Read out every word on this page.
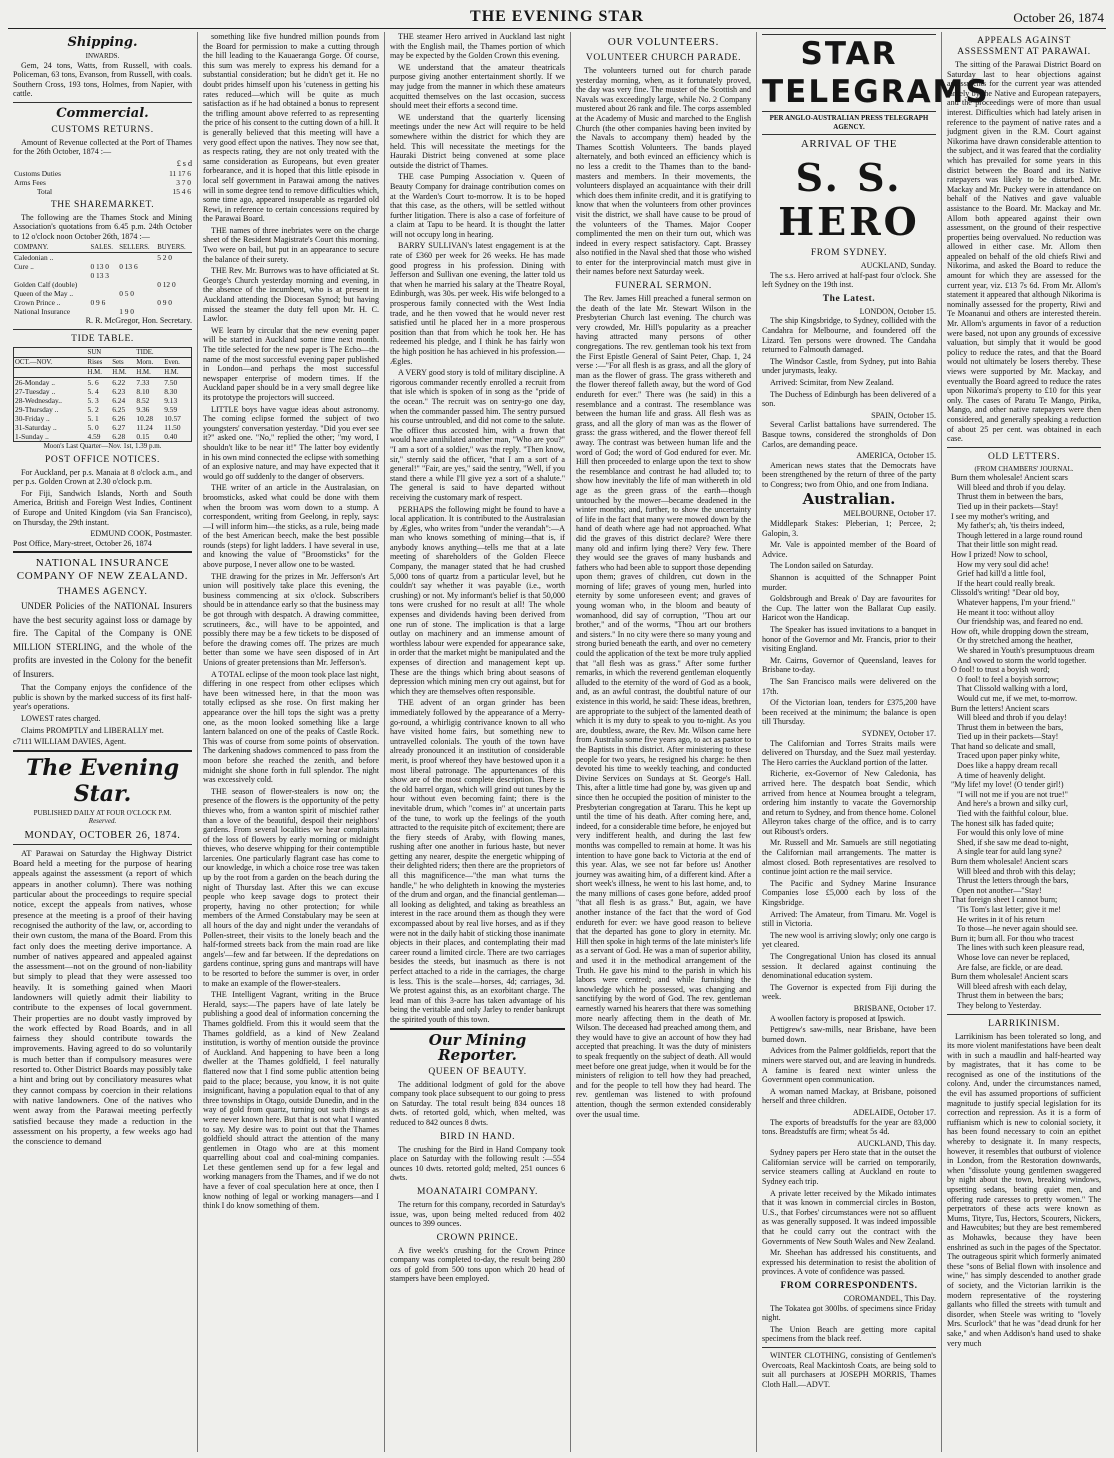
THE EVENING STAR	October 26, 1874
Shipping.
INWARDS.

Gem, 24 tons, Watts, from Russell, with coals. Policeman, 63 tons, Evanson, from Russell, with coals. Southern Cross, 193 tons, Holmes, from Napier, with cattle.

Commercial.
CUSTOMS RETURNS.

Amount of Revenue collected at the Port of Thames for the 26th October, 1874 :—

£ s d
Customs Duties	11 17 6
Arms Fees	3 7 0
Total	15 4 6
THE SHAREMARKET.

The following are the Thames Stock and Mining Association's quotations from 6.45 p.m. 24th October to 12 o'clock noon October 26th, 1874 :—

COMPANY.	SALES.	SELLERS.	BUYERS.
Caledonian ..			5 2 0
Cure ..	0 13 0	0 13 6	
	0 13 3		
Golden Calf (double)			0 12 0
Queen of the May ..		0 5 0	
Crown Prince ..	0 9 6		0 9 0
National Insurance		1 9 0	
R. R. McGregor, Hon. Secretary.
TIDE TABLE.
	SUN		TIDE.	
OCT.—NOV.	Rises	Sets	Morn.	Even.
	H.M.	H.M.	H.M.	H.M.
26-Monday ..	5. 6	6.22	7.33	7.50
27-Tuesday ..	5. 4	6.23	8.10	8.30
28-Wednesday..	5. 3	6.24	8.52	9.13
29-Thursday ..	5. 2	6.25	9.36	9.59
30-Friday ..	5. 1	6.26	10.28	10.57
31-Saturday ..	5. 0	6.27	11.24	11.50
1-Sunday ..	4.59	6.28	0.15	0.40
Moon's Last Quarter—Nov. 1st, 1.39 p.m.
POST OFFICE NOTICES.

For Auckland, per p.s. Manaia at 8 o'clock a.m., and per p.s. Golden Crown at 2.30 o'clock p.m.

For Fiji, Sandwich Islands, North and South America, British and Foreign West Indies, Continent of Europe and United Kingdom (via San Francisco), on Thursday, the 29th instant.

EDMUND COOK, Postmaster.
Post Office, Mary-street, October 26, 1874
NATIONAL INSURANCE COMPANY OF NEW ZEALAND.
THAMES AGENCY.

UNDER Policies of the NATIONAL Insurers have the best security against loss or damage by fire. The Capital of the Company is ONE MILLION STERLING, and the whole of the profits are invested in the Colony for the benefit of Insurers.

That the Company enjoys the confidence of the public is shown by the marked success of its first half-year's operations.

LOWEST rates charged.

Claims PROMPTLY and LIBERALLY met.

c7111 WILLIAM DAVIES, Agent.
The Evening Star.
PUBLISHED DAILY AT FOUR O'CLOCK P.M.
Reserved.
MONDAY, OCTOBER 26, 1874.

AT Parawai on Saturday the Highway District Board held a meeting for the purpose of hearing appeals against the assessment (a report of which appears in another column). There was nothing particular about the proceedings to require special notice, except the appeals from natives, whose presence at the meeting is a proof of their having recognised the authority of the law, or, according to their own custom, the mana of the Board. From this fact only does the meeting derive importance. A number of natives appeared and appealed against the assessment—not on the ground of non-liability but simply to plead that they were assessed too heavily. It is something gained when Maori landowners will quietly admit their liability to contribute to the expenses of local government. Their properties are no doubt vastly improved by the work effected by Road Boards, and in all fairness they should contribute towards the improvements. Having agreed to do so voluntarily is much better than if compulsory measures were resorted to. Other District Boards may possibly take a hint and bring out by conciliatory measures what they cannot compass by coercion in their relations with native landowners. One of the natives who went away from the Parawai meeting perfectly satisfied because they made a reduction in the assessment on his property, a few weeks ago had the conscience to demand

something like five hundred million pounds from the Board for permission to make a cutting through the hill leading to the Kauaeranga Gorge. Of course, this sum was merely to express his demand for a substantial consideration; but he didn't get it. He no doubt prides himself upon his 'cuteness in getting his rates reduced—which will be quite as much satisfaction as if he had obtained a bonus to represent the trifling amount above referred to as representing the price of his consent to the cutting down of a hill. It is generally believed that this meeting will have a very good effect upon the natives. They now see that, as respects rating, they are not only treated with the same consideration as Europeans, but even greater forbearance, and it is hoped that this little episode in local self government in Parawai among the natives will in some degree tend to remove difficulties which, some time ago, appeared insuperable as regarded old Rewi, in reference to certain concessions required by the Parawai Board.

THE names of three inebriates were on the charge sheet of the Resident Magistrate's Court this morning. Two were on bail, but put in an appearance to secure the balance of their surety.

THE Rev. Mr. Burrows was to have officiated at St. George's Church yesterday morning and evening, in the absence of the incumbent, who is at present in Auckland attending the Diocesan Synod; but having missed the steamer the duty fell upon Mr. H. C. Lawlor.

WE learn by circular that the new evening paper will be started in Auckland some time next month. The title selected for the new paper is The Echo—the name of the most successful evening paper published in London—and perhaps the most successful newspaper enterprise of modern times. If the Auckland paper should be in a very small degree like its prototype the projectors will succeed.

LITTLE boys have vague ideas about astronomy. The coming eclipse formed the subject of two youngsters' conversation yesterday. "Did you ever see it?" asked one. "No," replied the other; "my word, I shouldn't like to be near it!" The latter boy evidently in his own mind connected the eclipse with something of an explosive nature, and may have expected that it would go off suddenly to the danger of observers.

THE writer of an article in the Australasian, on broomsticks, asked what could be done with them when the broom was worn down to a stump. A correspondent, writing from Geelong, in reply, says:—I will inform him—the sticks, as a rule, being made of the best American beech, make the best possible rounds (steps) for light ladders. I have several in use, and knowing the value of "Broomsticks" for the above purpose, I never allow one to be wasted.

THE drawing for the prizes in Mr. Jefferson's Art union will positively take place this evening, the business commencing at six o'clock. Subscribers should be in attendance early so that the business may be got through with despatch. A drawing committee, scrutineers, &c., will have to be appointed, and possibly there may be a few tickets to be disposed of before the drawing comes off. The prizes are much better than some we have seen disposed of in Art Unions of greater pretensions than Mr. Jefferson's.

A TOTAL eclipse of the moon took place last night, differing in one respect from other eclipses which have been witnessed here, in that the moon was totally eclipsed as she rose. On first making her appearance over the hill tops the sight was a pretty one, as the moon looked something like a large lantern balanced on one of the peaks of Castle Rock. This was of course from some points of observation. The darkening shadows commenced to pass from the moon before she reached the zenith, and before midnight she shone forth in full splendor. The night was excessively cold.

THE season of flower-stealers is now on; the presence of the flowers is the opportunity of the petty thieves who, from a wanton spirit of mischief rather than a love of the beautiful, despoil their neighbors' gardens. From several localities we hear complaints of the loss of flowers by early morning or midnight thieves, who deserve whipping for their contemptible larcenies. One particularly flagrant case has come to our knowledge, in which a choice rose tree was taken up by the root from a garden on the beach during the night of Thursday last. After this we can excuse people who keep savage dogs to protect their property, having no other protection; for while members of the Armed Constabulary may be seen at all hours of the day and night under the verandahs of Pollen-street, their visits to the lonely beach and the half-formed streets back from the main road are like angels'—few and far between. If the depredations on gardens continue, spring guns and mantraps will have to be resorted to before the summer is over, in order to make an example of the flower-stealers.

THE Intelligent Vagrant, writing in the Bruce Herald, says:—The papers have of late lately be publishing a good deal of information concerning the Thames goldfield. From this it would seem that the Thames goldfield, as a kind of New Zealand institution, is worthy of mention outside the province of Auckland. And happening to have been a long dweller at the Thames goldfield, I feel naturally flattered now that I find some public attention being paid to the place; because, you know, it is not quite insignificant, having a population equal to that of any three townships in Otago, outside Dunedin, and in the way of gold from quartz, turning out such things as were never known here. But that is not what I wanted to say. My desire was to point out that the Thames goldfield should attract the attention of the many gentlemen in Otago who are at this moment quarrelling about coal and coal-mining companies. Let these gentlemen send up for a few legal and working managers from the Thames, and if we do not have a fever of coal speculation here at once, then I know nothing of legal or working managers—and I think I do know something of them.

THE steamer Hero arrived in Auckland last night with the English mail, the Thames portion of which may be expected by the Golden Crown this evening.

WE understand that the amateur theatricals purpose giving another entertainment shortly. If we may judge from the manner in which these amateurs acquitted themselves on the last occasion, success should meet their efforts a second time.

WE understand that the quarterly licensing meetings under the new Act will require to be held somewhere within the district for which they are held. This will necessitate the meetings for the Hauraki District being convened at some place outside the district of Thames.

THE case Pumping Association v. Queen of Beauty Company for drainage contribution comes on at the Warden's Court to-morrow. It is to be hoped that this case, as the others, will be settled without further litigation. There is also a case of forfeiture of a claim at Tapu to be heard. It is thought the latter will not occupy long in hearing.

BARRY SULLIVAN's latest engagement is at the rate of £360 per week for 26 weeks. He has made good progress in his profession. Dining with Jefferson and Sullivan one evening, the latter told us that when he married his salary at the Theatre Royal, Edinburgh, was 30s. per week. His wife belonged to a prosperous family connected with the West India trade, and he then vowed that he would never rest satisfied until he placed her in a more prosperous position than that from which he took her. He has redeemed his pledge, and I think he has fairly won the high position he has achieved in his profession.—Ægles.

A VERY good story is told of military discipline. A rigorous commander recently enrolled a recruit from that isle which is spoken of in song as the "pride of the ocean." The recruit was on sentry-go one day, when the commander passed him. The sentry pursued his course untroubled, and did not come to the salute. The officer thus accosted him, with a frown that would have annihilated another man, "Who are you?" "I am a sort of a soldier," was the reply. "Then know, sir," sternly said the officer, "that I am a sort of a general!" "Fair, are yes," said the sentry, "Well, if you stand there a while I'll give yez a sort of a shalute." The general is said to have departed without receiving the customary mark of respect.

PERHAPS the following might be found to have a local application. It is contributed to the Australasian by Ægles, who writes from "under the verandah":—A man who knows something of mining—that is, if anybody knows anything—tells me that at a late meeting of shareholders of the Golden Fleece Company, the manager stated that he had crushed 5,000 tons of quartz from a particular level, but he couldn't say whether it was payable (i.e., worth crushing) or not. My informant's belief is that 50,000 tons were crushed for no result at all! The whole expenses and dividends having been derived from one run of stone. The implication is that a large outlay on machinery and an immense amount of worthless labour were expended for appearance sake, in order that the market might be manipulated and the expenses of direction and management kept up. These are the things which bring about seasons of depression which mining men cry out against, but for which they are themselves often responsible.

THE advent of an organ grinder has been immediately followed by the appearance of a Merry-go-round, a whirligig contrivance known to all who have visited home fairs, but something new to untravelled colonials. The youth of the town have already pronounced it an institution of considerable merit, is proof whereof they have bestowed upon it a most liberal patronage. The appurtenances of this show are of the most complete description. There is the old barrel organ, which will grind out tunes by the hour without even becoming faint; there is the inevitable drum, which "comes in" at uncertain parts of the tune, to work up the feelings of the youth attracted to the requisite pitch of excitement; there are the fiery steeds of Araby, with flowing manes, rushing after one another in furious haste, but never getting any nearer, despite the energetic whipping of their delighted riders; then there are the proprietors of all this magnificence—"the man what turns the handle," he who delighteth in knowing the mysteries of the drum and organ, and the financial gentleman—all looking as delighted, and taking as breathless an interest in the race around them as though they were excompassed about by real live horses, and as if they were not in the daily habit of sticking those inanimate objects in their places, and contemplating their mad career round a limited circle. There are two carriages besides the steeds, but inasmuch as there is not perfect attached to a ride in the carriages, the charge is less. This is the scale—horses, 4d; carriages, 3d. We protest against this, as an exorbitant charge. The lead man of this 3-acre has taken advantage of his being the veritable and only Jarley to render bankrupt the spirited youth of this town.

Our Mining Reporter.
QUEEN OF BEAUTY.

The additional lodgment of gold for the above company took place subsequent to our going to press on Saturday. The total result being 834 ounces 18 dwts. of retorted gold, which, when melted, was reduced to 842 ounces 8 dwts.

BIRD IN HAND.

The crushing for the Bird in Hand Company took place on Saturday with the following result :—554 ounces 10 dwts. retorted gold; melted, 251 ounces 6 dwts.

MOANATAIRI COMPANY.

The return for this company, recorded in Saturday's issue, was, upon being melted reduced from 402 ounces to 399 ounces.

CROWN PRINCE.

A five week's crushing for the Crown Prince company was completed to-day, the result being 280 ozs of gold from 500 tons upon which 20 head of stampers have been employed.

OUR VOLUNTEERS.
VOLUNTEER CHURCH PARADE.

The volunteers turned out for church parade yesterday morning, when, as it fortunately proved, the day was very fine. The muster of the Scottish and Navals was exceedingly large, while No. 2 Company mustered about 26 rank and file. The corps assembled at the Academy of Music and marched to the English Church (the other companies having been invited by the Navals to accompany them) headed by the Thames Scottish Volunteers. The bands played alternately, and both evinced an efficiency which is no less a credit to the Thames than to the band-masters and members. In their movements, the volunteers displayed an acquaintance with their drill which does them infinite credit, and it is gratifying to know that when the volunteers from other provinces visit the district, we shall have cause to be proud of the volunteers of the Thames. Major Cooper complimented the men on their turn out, which was indeed in every respect satisfactory. Capt. Brassey also notified in the Naval shed that those who wished to enter for the interprovincial match must give in their names before next Saturday week.

FUNERAL SERMON.

The Rev. James Hill preached a funeral sermon on the death of the late Mr. Stewart Wilson in the Presbyterian Church last evening. The church was very crowded, Mr. Hill's popularity as a preacher having attracted many persons of other congregations. The rev. gentleman took his text from the First Epistle General of Saint Peter, Chap. 1, 24 verse :—"For all flesh is as grass, and all the glory of man as the flower of grass. The grass withereth and the flower thereof falleth away, but the word of God endureth for ever." There was (he said) in this a resemblance and a contrast. The resemblance was between the human life and grass. All flesh was as grass, and all the glory of man was as the flower of grass: the grass withered, and the flower thereof fell away. The contrast was between human life and the word of God; the word of God endured for ever. Mr. Hill then proceeded to enlarge upon the text to show the resemblance and contrast he had alluded to; to show how inevitably the life of man withereth in old age as the green grass of the earth—though untouched by the mower—became deadened in the winter months; and, further, to show the uncertainty of life in the fact that many were mowed down by the hand of death where age had not approached. What did the graves of this district declare? Were there many old and infirm lying there? Very few. There they would see the graves of many husbands and fathers who had been able to support those depending upon them; graves of children, cut down in the morning of life; graves of young men, hurled into eternity by some unforeseen event; and graves of young woman who, in the bloom and beauty of womanhood, did say of corruption, "Thou art our brother," and of the worms, "Thou art our brothers and sisters." In no city were there so many young and strong buried beneath the earth, and over no cemetery could the application of the text be more truly applied that "all flesh was as grass." After some further remarks, in which the reverend gentleman eloquently alluded to the eternity of the word of God as a book, and, as an awful contrast, the doubtful nature of our existence in this world, he said: These ideas, brethren, are appropriate to the subject of the lamented death of which it is my duty to speak to you to-night. As you are, doubtless, aware, the Rev. Mr. Wilson came here from Australia some five years ago, to act as pastor to the Baptists in this district. After ministering to these people for two years, he resigned his charge: he then devoted his time to weekly teaching, and conducted Divine Services on Sundays at St. George's Hall. This, after a little time had gone by, was given up and since then he occupied the position of minister to the Presbyterian congregation at Tararu. This he kept up until the time of his death. After coming here, and, indeed, for a considerable time before, he enjoyed but very indifferent health, and during the last few months was compelled to remain at home. It was his intention to have gone back to Victoria at the end of this year. Alas, we see not far before us! Another journey was awaiting him, of a different kind. After a short week's illness, he went to his last home, and, to the many millions of cases gone before, added proof "that all flesh is as grass." But, again, we have another instance of the fact that the word of God endureth for ever: we have good reason to believe that the departed has gone to glory in eternity. Mr. Hill then spoke in high terms of the late minister's life as a servant of God. He was a man of superior ability, and used it in the methodical arrangement of the Truth. He gave his mind to the parish in which his labors were centred; and while furnishing the knowledge which he possessed, was changing and sanctifying by the word of God. The rev. gentleman earnestly warned his hearers that there was something more nearly affecting them in the death of Mr. Wilson. The deceased had preached among them, and they would have to give an account of how they had accepted that preaching. It was the duty of ministers to speak frequently on the subject of death. All would meet before one great judge, when it would be for the ministers of religion to tell how they had preached, and for the people to tell how they had heard. The rev. gentleman was listened to with profound attention, though the sermon extended considerably over the usual time.

STAR TELEGRAMS
PER ANGLO-AUSTRALIAN PRESS TELEGRAPH AGENCY.
ARRIVAL OF THE
S. S. HERO
FROM SYDNEY.
AUCKLAND, Sunday.

The s.s. Hero arrived at half-past four o'clock. She left Sydney on the 19th inst.

The Latest.
LONDON, October 15.

The ship Kingsbridge, to Sydney, collided with the Candahra for Melbourne, and foundered off the Lizard. Ten persons were drowned. The Candaha returned to Falmouth damaged.

The Windsor Castle, from Sydney, put into Bahia under jurymasts, leaky.

Arrived: Scimitar, from New Zealand.

The Duchess of Edinburgh has been delivered of a son.

SPAIN, October 15.

Several Carlist battalions have surrendered. The Basque towns, considered the strongholds of Don Carlos, are demanding peace.

AMERICA, October 15.

American news states that the Democrats have been strengthened by the return of three of the party to Congress; two from Ohio, and one from Indiana.

Australian.
MELBOURNE, October 17.

Middlepark Stakes: Pleberian, 1; Percee, 2; Galopin, 3.

Mr. Vale is appointed member of the Board of Advice.

The London sailed on Saturday.

Shannon is acquitted of the Schnapper Point murder.

Goldsbrough and Break o' Day are favourites for the Cup. The latter won the Ballarat Cup easily. Haricot won the Handicap.

The Speaker has issued invitations to a banquet in honor of the Governor and Mr. Francis, prior to their visiting England.

Mr. Cairns, Governor of Queensland, leaves for Brisbane to-day.

The San Francisco mails were delivered on the 17th.

Of the Victorian loan, tenders for £375,200 have been received at the minimum; the balance is open till Thursday.

SYDNEY, October 17.

The Californian and Torres Straits mails were delivered on Thursday, and the Suez mail yesterday. The Hero carries the Auckland portion of the latter.

Richerie, ex-Governor of New Caledonia, has arrived here. The despatch boat Sendic, which arrived from hence at Noumea brought a telegram, ordering him instantly to vacate the Governorship and return to Sydney, and from thence home. Colonel Alleyron takes charge of the office, and is to carry out Riboust's orders.

Mr. Russell and Mr. Samuels are still negotiating the Californian mail arrangements. The matter is almost closed. Both representatives are resolved to continue joint action re the mail service.

The Pacific and Sydney Marine Insurance Companies lose £5,000 each by loss of the Kingsbridge.

Arrived: The Amateur, from Timaru. Mr. Vogel is still in Victoria.

The new wool is arriving slowly; only one cargo is yet cleared.

The Congregational Union has closed its annual session. It declared against continuing the denominational education system.

The Governor is expected from Fiji during the week.

BRISBANE, October 17.

A woollen factory is proposed at Ipswich.

Pettigrew's saw-mills, near Brisbane, have been burned down.

Advices from the Palmer goldfields, report that the miners were starved out, and are leaving in hundreds. A famine is feared next winter unless the Government open communication.

A woman named Mackay, at Brisbane, poisoned herself and three children.

ADELAIDE, October 17.

The exports of breadstuffs for the year are 83,000 tons. Breadstuffs are firm; wheat 5s 4d.

AUCKLAND, This day.

Sydney papers per Hero state that in the outset the Californian service will be carried on temporarily, service steamers calling at Auckland en route to Sydney each trip.

A private letter received by the Mikado intimates that it was known in commercial circles in Boston, U.S., that Forbes' circumstances were not so affluent as was generally supposed. It was indeed impossible that he could carry out the contract with the Governments of New South Wales and New Zealand.

Mr. Sheehan has addressed his constituents, and expressed his determination to resist the abolition of provinces. A vote of confidence was passed.

FROM CORRESPONDENTS.
COROMANDEL, This Day.

The Tokatea got 300lbs. of specimens since Friday night.

The Union Beach are getting more capital specimens from the black reef.

WINTER CLOTHING, consisting of Gentlemen's Overcoats, Real Mackintosh Coats, are being sold to suit all purchasers at JOSEPH MORRIS, Thames Cloth Hall.—ADVT.

APPEALS AGAINST ASSESSMENT AT PARAWAI.

The sitting of the Parawai District Board on Saturday last to hear objections against assessments for the current year was attended largely by the Native and European ratepayers, and the proceedings were of more than usual interest. Difficulties which had lately arisen in reference to the payment of native rates and a judgment given in the R.M. Court against Nikorima have drawn considerable attention to the subject, and it was feared that the cordiality which has prevailed for some years in this district between the Board and its Native ratepayers was likely to be disturbed. Mr. Mackay and Mr. Puckey were in attendance on behalf of the Natives and gave valuable assistance to the Board. Mr. Mackay and Mr. Allom both appeared against their own assessment, on the ground of their respective properties being overvalued. No reduction was allowed in either case. Mr. Allom then appealed on behalf of the old chiefs Riwi and Nikorima, and asked the Board to reduce the amount for which they are assessed for the current year, viz. £13 7s 6d. From Mr. Allom's statement it appeared that although Nikorima is nominally assessed for the property, Riwi and Te Moananui and others are interested therein. Mr. Allom's arguments in favor of a reduction were based, not upon any grounds of excessive valuation, but simply that it would be good policy to reduce the rates, and that the Board would not ultimately be losers thereby. These views were supported by Mr. Mackay, and eventually the Board agreed to reduce the rates upon Nikorima's property to £10 for this year only. The cases of Paratu Te Mango, Pirika, Mango, and other native ratepayers were then considered, and generally speaking a reduction of about 25 per cent. was obtained in each case.

OLD LETTERS.
(FROM CHAMBERS' JOURNAL.
Burn them wholesale! Ancient scars
Will bleed and throb if you delay.
Thrust them in between the bars,
Tied up in their packets—Stay!
I see my mother's writing, and
My father's; ah, 'tis theirs indeed,
Though lettered in a large round round
That their little son might read.
How I prized! Now to school,
How my very soul did ache!
Grief had kill'd a little fool,
If the heart could really break.
Clissold's writing! "Dear old boy,
Whatever happens, I'm your friend."
He meant it too: without alloy
Our friendship was, and feared no end.
How oft, while dropping down the stream,
Or thy stretched among the heather,
We shared in Youth's presumptuous dream
And vowed to storm the world together.
O fool! to trust a boyish word;
O fool! to feel a boyish sorrow;
That Clissold walking with a lord,
Would cut me, if we met, to-morrow.
Burn the letters! Ancient scars
Will bleed and throb if you delay!
Thrust them in between the bars,
Tied up in their packets—Stay!
That hand so delicate and small,
Traced upon paper pinky white,
Does like a happy dream recall
A time of heavenly delight.
"My life! my love! (O tender girl!)
"I will not me if you are not true!"
And here's a brown and silky curl,
Tied with the faithful colour, blue.
The honest silk has faded quite;
For would this only love of mine
Shed, if she saw me dead to-night,
A single tear for auld lang syne?
Burn them wholesale! Ancient scars
Will bleed and throb with this delay;
Thrust the letters through the bars,
Open not another—"Stay!
That foreign sheet I cannot burn;
'Tis Tom's last letter; give it me!
He writes in it of his return
To those—he never again should see.
Burn it; burn all. For thou who tracest
The lines with such keen pleasure read,
Whose love can never be replaced,
Are false, are fickle, or are dead.
Burn them wholesale! Ancient scars
Will bleed afresh with each delay,
Thrust them in between the bars;
They belong to Yesterday.
LARRIKINISM.

Larrikinism has been tolerated so long, and its more violent manifestations have been dealt with in such a maudlin and half-hearted way by magistrates, that it has come to be recognised as one of the institutions of the colony. And, under the circumstances named, the evil has assumed proportions of sufficient magnitude to justify special legislation for its correction and repression. As it is a form of ruffianism which is new to colonial society, it has been found necessary to coin an epithet whereby to designate it. In many respects, however, it resembles that outburst of violence in London, from the Restoration downwards, when "dissolute young gentlemen swaggered by night about the town, breaking windows, upsetting sedans, beating quiet men, and offering rude caresses to pretty women." The perpetrators of these acts were known as Mums, Tityre, Tus, Hectors, Scourers, Nickers, and Hawcubites; but they are best remembered as Mohawks, because they have been enshrined as such in the pages of the Spectator. The outrageous spirit which formerly animated these "sons of Belial flown with insolence and wine," has simply descended to another grade of society, and the Victorian larrikin is the modern representative of the roystering gallants who filled the streets with tumult and disorder, when Steele was writing to "lovely Mrs. Scurlock" that he was "dead drunk for her sake," and when Addison's hand used to shake very much
